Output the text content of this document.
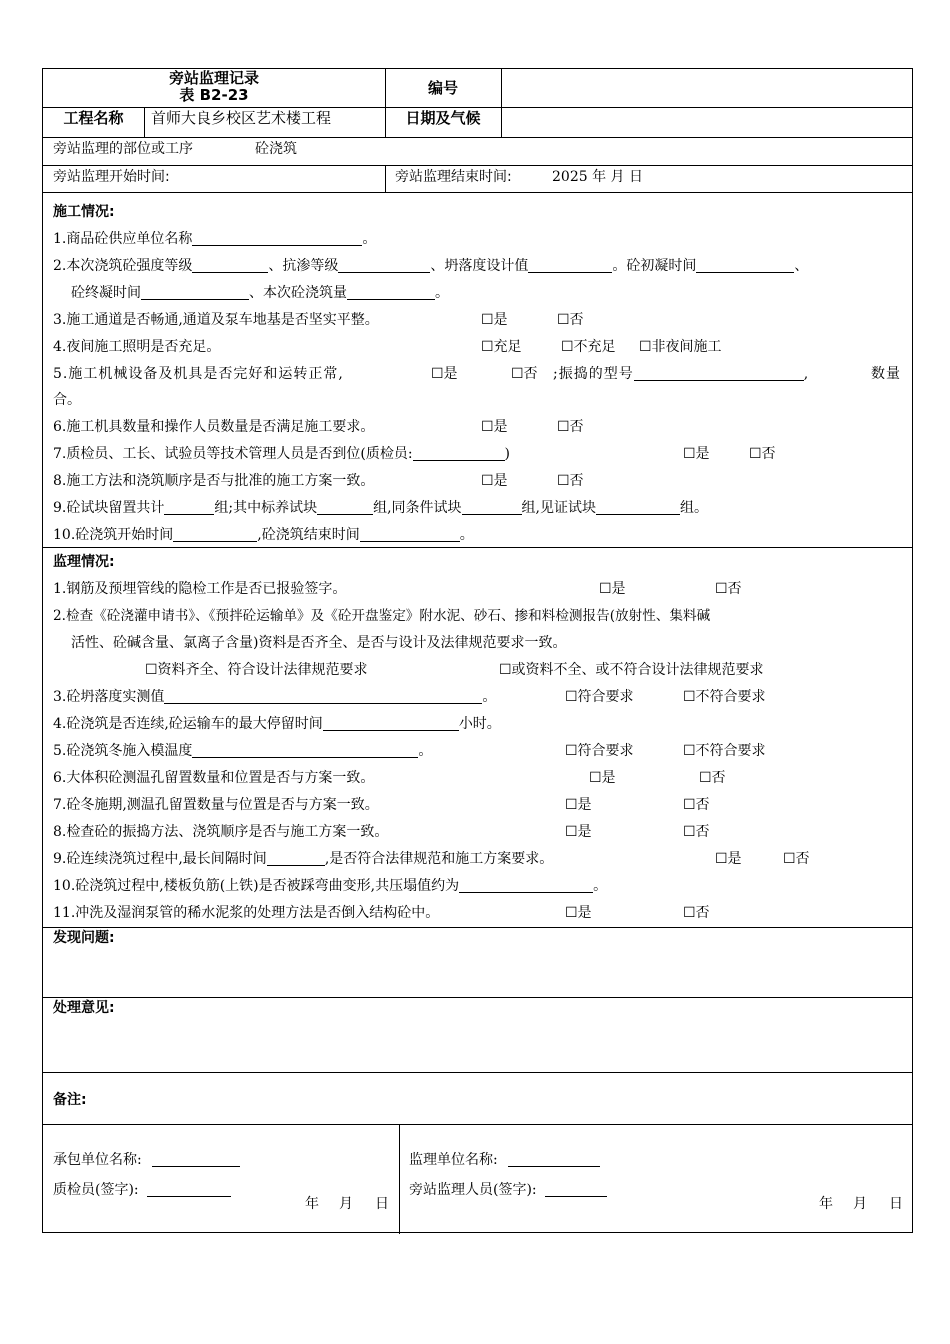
旁站监理记录
表 B2-23	编号
工程名称	首师大良乡校区艺术楼工程	日期及气候
旁站监理的部位或工序	砼浇筑
旁站监理开始时间:	旁站监理结束时间:	2025 年 月 日
施工情况:
1.商品砼供应单位名称	。
2.本次浇筑砼强度等级	、抗渗等级	、坍落度设计值	。砼初凝时间	、
砼终凝时间	、本次砼浇筑量	。
3.施工通道是否畅通,通道及泵车地基是否坚实平整。	☐是	☐否
4.夜间施工照明是否充足。	☐充足	☐不充足 ☐非夜间施工
5.施工机械设备及机具是否完好和运转正常,	☐是	☐否 ;振捣的型号	,	数量
合。
6.施工机具数量和操作人员数量是否满足施工要求。	☐是	☐否
7.质检员、工长、试验员等技术管理人员是否到位(质检员:	)	☐是	☐否
8.施工方法和浇筑顺序是否与批准的施工方案一致。	☐是	☐否
9.砼试块留置共计	组;其中标养试块	组,同条件试块	组,见证试块	组。
10.砼浇筑开始时间	,砼浇筑结束时间	。
监理情况:
1.钢筋及预埋管线的隐检工作是否已报验签字。	☐是	☐否
2.检查《砼浇灌申请书》、《预拌砼运输单》及《砼开盘鉴定》附水泥、砂石、掺和料检测报告(放射性、集料碱
活性、砼碱含量、氯离子含量)资料是否齐全、是否与设计及法律规范要求一致。
☐资料齐全、符合设计法律规范要求	☐或资料不全、或不符合设计法律规范要求
3.砼坍落度实测值	。	☐符合要求	☐不符合要求
4.砼浇筑是否连续,砼运输车的最大停留时间	小时。
5.砼浇筑冬施入模温度	。	☐符合要求	☐不符合要求
6.大体积砼测温孔留置数量和位置是否与方案一致。	☐是	☐否
7.砼冬施期,测温孔留置数量与位置是否与方案一致。	☐是	☐否
8.检查砼的振捣方法、浇筑顺序是否与施工方案一致。	☐是	☐否
9.砼连续浇筑过程中,最长间隔时间	,是否符合法律规范和施工方案要求。	☐是	☐否
10.砼浇筑过程中,楼板负筋(上铁)是否被踩弯曲变形,共压塌值约为	。
11.冲洗及湿润泵管的稀水泥浆的处理方法是否倒入结构砼中。	☐是	☐否
发现问题:
处理意见:
备注:
承包单位名称:
质检员(签字):
年 月 日
监理单位名称:
旁站监理人员(签字):
年 月 日
